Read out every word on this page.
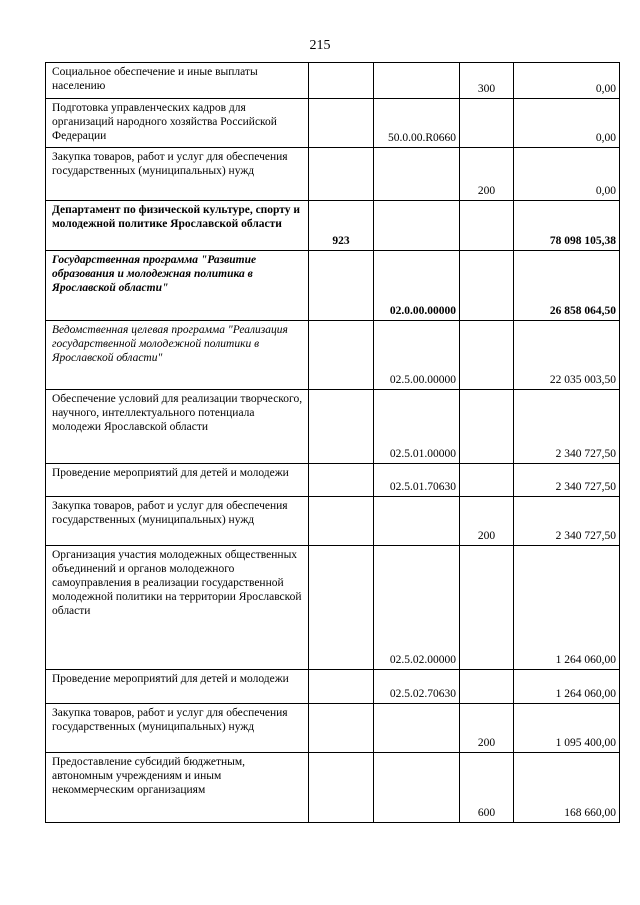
215
Социальное обеспечение и иные выплаты населению			300	0,00
Подготовка управленческих кадров для организаций народного хозяйства Российской Федерации		50.0.00.R0660		0,00
Закупка товаров, работ и услуг для обеспечения государственных (муниципальных) нужд			200	0,00
Департамент по физической культуре, спорту и молодежной политике Ярославской области	923			78 098 105,38
Государственная программа "Развитие образования и молодежная политика в Ярославской области"		02.0.00.00000		26 858 064,50
Ведомственная целевая программа "Реализация государственной молодежной политики в Ярославской области"		02.5.00.00000		22 035 003,50
Обеспечение условий для реализации творческого, научного, интеллектуального потенциала молодежи Ярославской области		02.5.01.00000		2 340 727,50
Проведение мероприятий для детей и молодежи		02.5.01.70630		2 340 727,50
Закупка товаров, работ и услуг для обеспечения государственных (муниципальных) нужд			200	2 340 727,50
Организация участия молодежных общественных объединений и органов молодежного самоуправления в реализации государственной молодежной политики на территории Ярославской области		02.5.02.00000		1 264 060,00
Проведение мероприятий для детей и молодежи		02.5.02.70630		1 264 060,00
Закупка товаров, работ и услуг для обеспечения государственных (муниципальных) нужд			200	1 095 400,00
Предоставление субсидий бюджетным, автономным учреждениям и иным некоммерческим организациям			600	168 660,00
